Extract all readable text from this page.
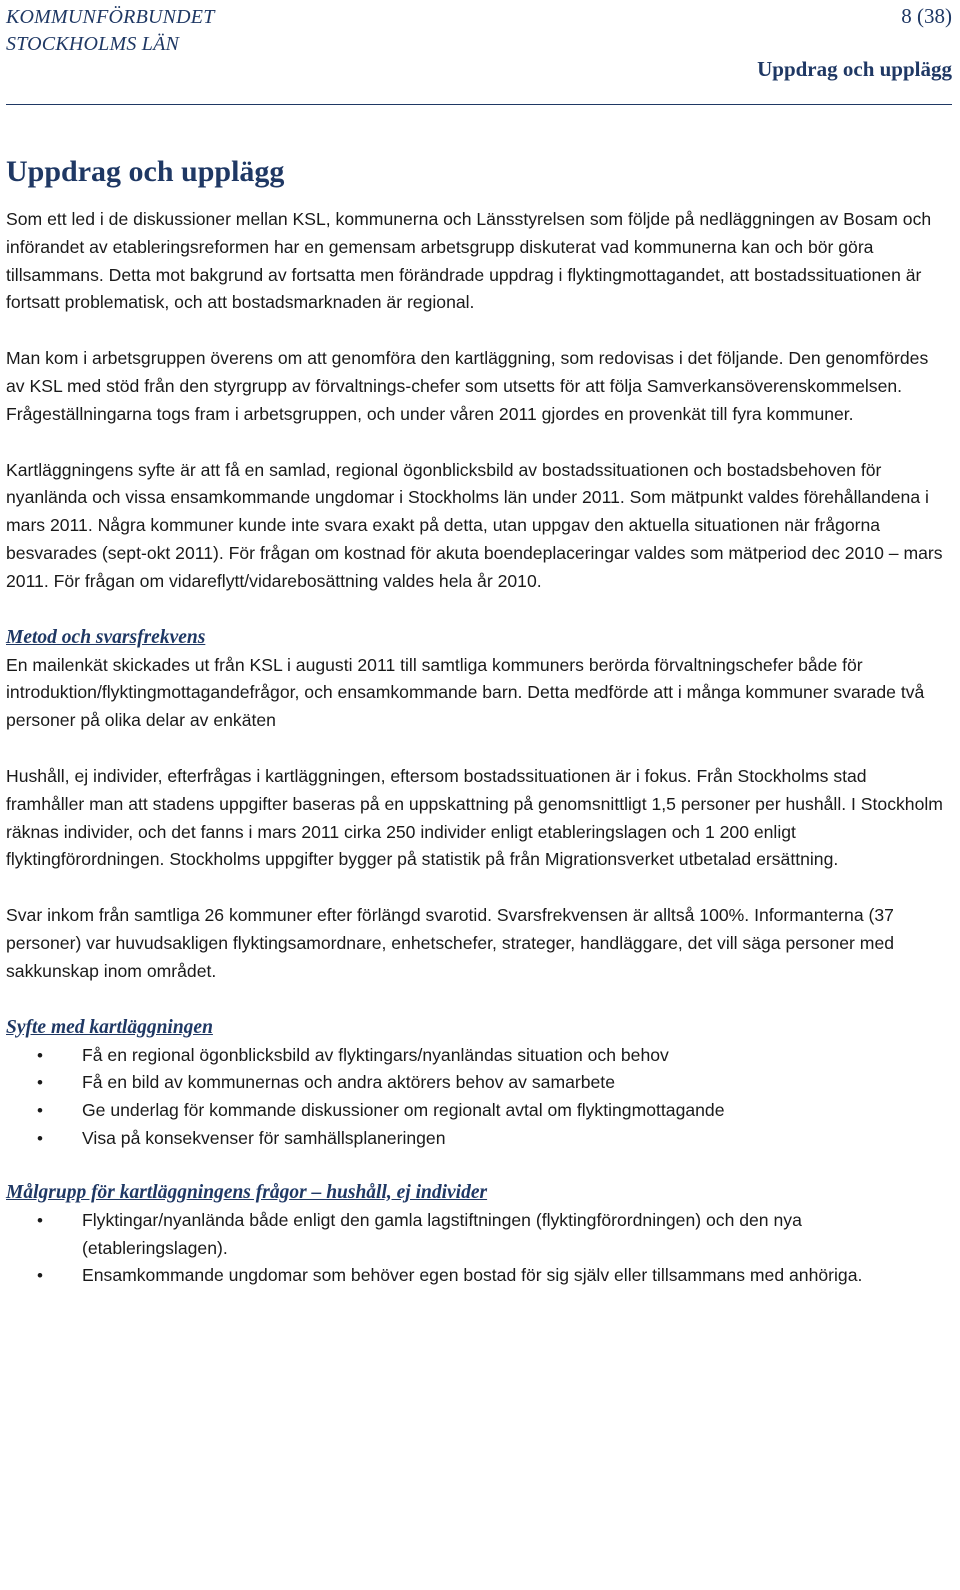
KOMMUNFÖRBUNDET
STOCKHOLMS LÄN
8 (38)
Uppdrag och upplägg
Uppdrag och upplägg

Som ett led i de diskussioner mellan KSL, kommunerna och Länsstyrelsen som följde på nedläggningen av Bosam och införandet av etableringsreformen har en gemensam arbetsgrupp diskuterat vad kommunerna kan och bör göra tillsammans. Detta mot bakgrund av fortsatta men förändrade uppdrag i flyktingmottagandet, att bostadssituationen är fortsatt problematisk, och att bostadsmarknaden är regional.

Man kom i arbetsgruppen överens om att genomföra den kartläggning, som redovisas i det följande. Den genomfördes av KSL med stöd från den styrgrupp av förvaltnings-chefer som utsetts för att följa Samverkansöverenskommelsen. Frågeställningarna togs fram i arbetsgruppen, och under våren 2011 gjordes en provenkät till fyra kommuner.

Kartläggningens syfte är att få en samlad, regional ögonblicksbild av bostadssituationen och bostadsbehoven för nyanlända och vissa ensamkommande ungdomar i Stockholms län under 2011. Som mätpunkt valdes förehållandena i mars 2011. Några kommuner kunde inte svara exakt på detta, utan uppgav den aktuella situationen när frågorna besvarades (sept-okt 2011). För frågan om kostnad för akuta boendeplaceringar valdes som mätperiod dec 2010 – mars 2011. För frågan om vidareflytt/vidarebosättning valdes hela år 2010.

Metod och svarsfrekvens

En mailenkät skickades ut från KSL i augusti 2011 till samtliga kommuners berörda förvaltningschefer både för introduktion/flyktingmottagandefrågor, och ensamkommande barn. Detta medförde att i många kommuner svarade två personer på olika delar av enkäten

Hushåll, ej individer, efterfrågas i kartläggningen, eftersom bostadssituationen är i fokus. Från Stockholms stad framhåller man att stadens uppgifter baseras på en uppskattning på genomsnittligt 1,5 personer per hushåll. I Stockholm räknas individer, och det fanns i mars 2011 cirka 250 individer enligt etableringslagen och 1 200 enligt flyktingförordningen. Stockholms uppgifter bygger på statistik på från Migrationsverket utbetalad ersättning.

Svar inkom från samtliga 26 kommuner efter förlängd svarotid. Svarsfrekvensen är alltså 100%. Informanterna (37 personer) var huvudsakligen flyktingsamordnare, enhetschefer, strateger, handläggare, det vill säga personer med sakkunskap inom området.

Syfte med kartläggningen
• Få en regional ögonblicksbild av flyktingars/nyanländas situation och behov
• Få en bild av kommunernas och andra aktörers behov av samarbete
• Ge underlag för kommande diskussioner om regionalt avtal om flyktingmottagande
• Visa på konsekvenser för samhällsplaneringen
Målgrupp för kartläggningens frågor – hushåll, ej individer
• Flyktingar/nyanlända både enligt den gamla lagstiftningen (flyktingförordningen) och den nya (etableringslagen).
• Ensamkommande ungdomar som behöver egen bostad för sig själv eller tillsammans med anhöriga.
